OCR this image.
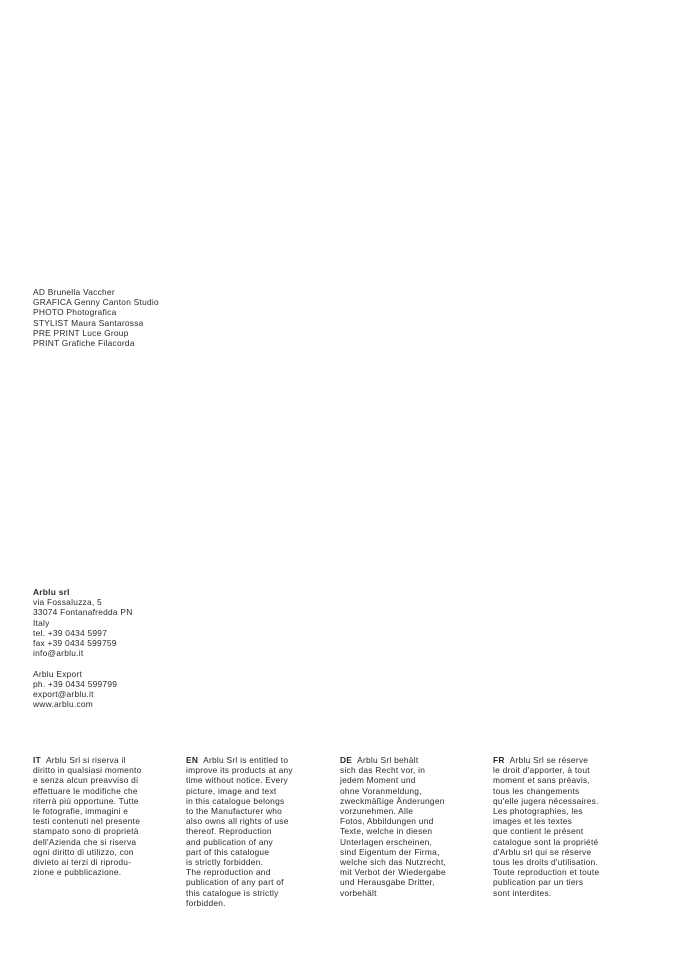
AD Brunella Vaccher
GRAFICA Genny Canton Studio
PHOTO Photografica
STYLIST Maura Santarossa
PRE PRINT Luce Group
PRINT Grafiche Filacorda
Arblu srl
via Fossaluzza, 5
33074 Fontanafredda PN
Italy
tel. +39 0434 5997
fax +39 0434 599759
info@arblu.it
Arblu Export
ph. +39 0434 599799
export@arblu.it
www.arblu.com
IT Arblu Srl si riserva il
diritto in qualsiasi momento
e senza alcun preavviso di
effettuare le modifiche che
riterrà più opportune. Tutte
le fotografie, immagini e
testi contenuti nel presente
stampato sono di proprietà
dell'Azienda che si riserva
ogni diritto di utilizzo, con
divieto ai terzi di riprodu-
zione e pubblicazione.
EN Arblu Srl is entitled to
improve its products at any
time without notice. Every
picture, image and text
in this catalogue belongs
to the Manufacturer who
also owns all rights of use
thereof. Reproduction
and publication of any
part of this catalogue
is strictly forbidden.
The reproduction and
publication of any part of
this catalogue is strictly
forbidden.
DE Arblu Srl behält
sich das Recht vor, in
jedem Moment und
ohne Voranmeldung,
zweckmäßige Änderungen
vorzunehmen. Alle
Fotos, Abbildungen und
Texte, welche in diesen
Unterlagen erscheinen,
sind Eigentum der Firma,
welche sich das Nutzrecht,
mit Verbot der Wiedergabe
und Herausgabe Dritter,
vorbehält
FR Arblu Srl se réserve
le droit d'apporter, à tout
moment et sans préavis,
tous les changements
qu'elle jugera nécessaires.
Les photographies, les
images et les textes
que contient le présent
catalogue sont la propriété
d'Arblu srl qui se réserve
tous les droits d'utilisation.
Toute reproduction et toute
publication par un tiers
sont interdites.
